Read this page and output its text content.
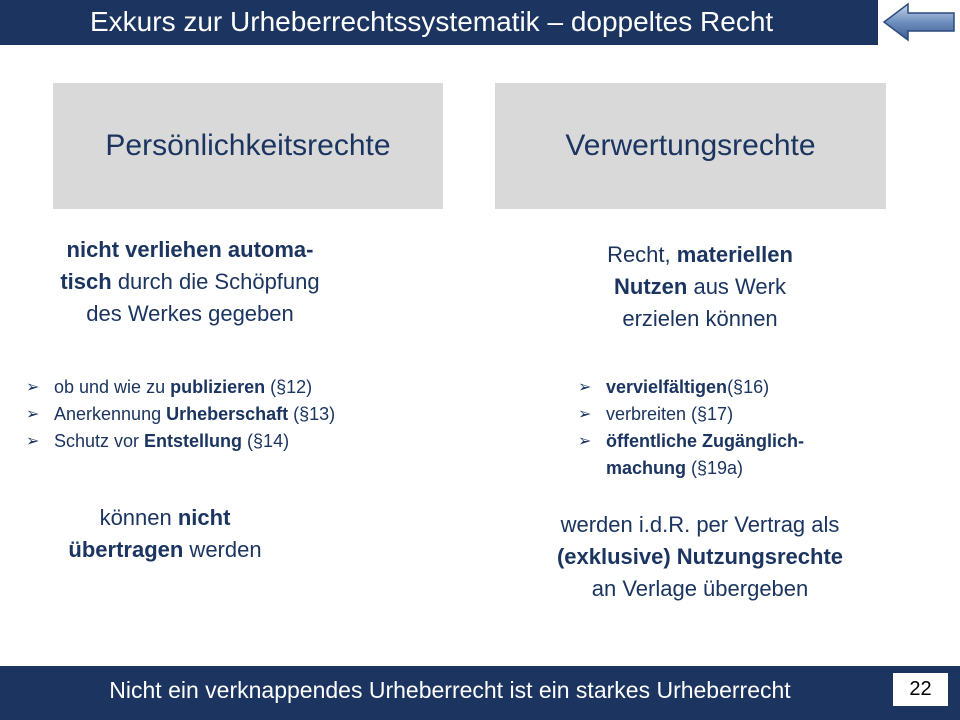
Exkurs zur Urheberrechtssystematik – doppeltes Recht
Persönlichkeitsrechte	Verwertungsrechte
nicht verliehen automa-
tisch durch die Schöpfung
des Werkes gegeben
Recht, materiellen
Nutzen aus Werk
erzielen können
➢ ob und wie zu publizieren (§12)
➢ Anerkennung Urheberschaft (§13)
➢ Schutz vor Entstellung (§14)
➢ vervielfältigen(§16)
➢ verbreiten (§17)
➢ öffentliche Zugänglich-
machung (§19a)
können nicht
übertragen werden
werden i.d.R. per Vertrag als
(exklusive) Nutzungsrechte
an Verlage übergeben
Nicht ein verknappendes Urheberrecht ist ein starkes Urheberrecht	22
